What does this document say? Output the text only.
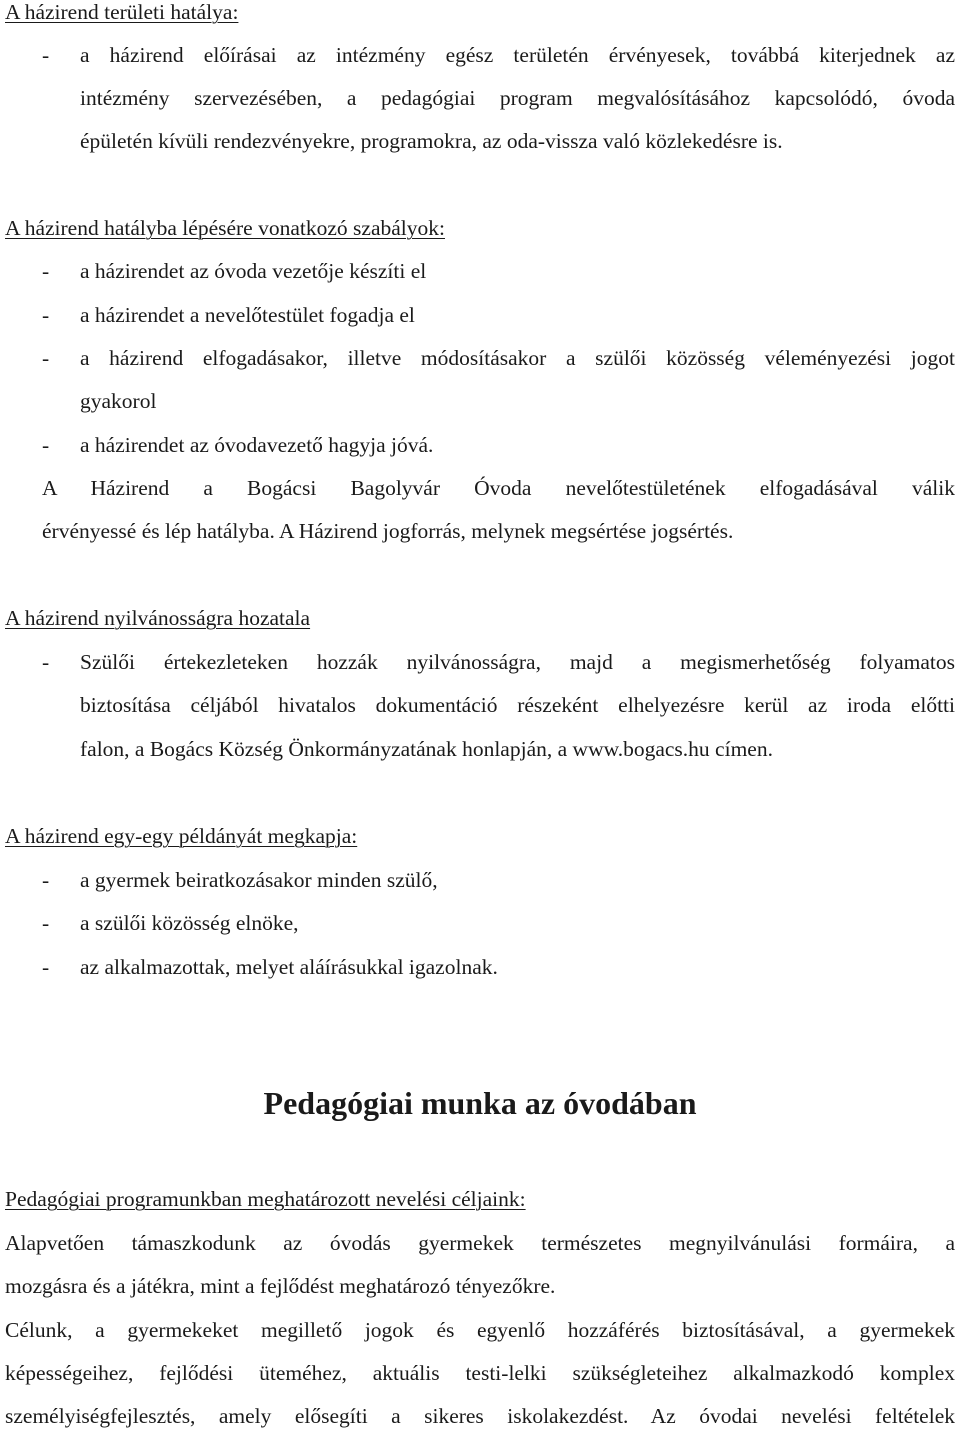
A házirend területi hatálya:
- a házirend előírásai az intézmény egész területén érvényesek, továbbá kiterjednek az
intézmény szervezésében, a pedagógiai program megvalósításához kapcsolódó, óvoda
épületén kívüli rendezvényekre, programokra, az oda-vissza való közlekedésre is.
A házirend hatályba lépésére vonatkozó szabályok:
- a házirendet az óvoda vezetője készíti el
- a házirendet a nevelőtestület fogadja el
- a házirend elfogadásakor, illetve módosításakor a szülői közösség véleményezési jogot
gyakorol
- a házirendet az óvodavezető hagyja jóvá.
A Házirend a Bogácsi Bagolyvár Óvoda nevelőtestületének elfogadásával válik
érvényessé és lép hatályba. A Házirend jogforrás, melynek megsértése jogsértés.
A házirend nyilvánosságra hozatala
- Szülői értekezleteken hozzák nyilvánosságra, majd a megismerhetőség folyamatos
biztosítása céljából hivatalos dokumentáció részeként elhelyezésre kerül az iroda előtti
falon, a Bogács Község Önkormányzatának honlapján, a www.bogacs.hu címen.
A házirend egy-egy példányát megkapja:
- a gyermek beiratkozásakor minden szülő,
- a szülői közösség elnöke,
- az alkalmazottak, melyet aláírásukkal igazolnak.
Pedagógiai munka az óvodában
Pedagógiai programunkban meghatározott nevelési céljaink:
Alapvetően támaszkodunk az óvodás gyermekek természetes megnyilvánulási formáira, a
mozgásra és a játékra, mint a fejlődést meghatározó tényezőkre.
Célunk, a gyermekeket megillető jogok és egyenlő hozzáférés biztosításával, a gyermekek
képességeihez, fejlődési üteméhez, aktuális testi-lelki szükségleteihez alkalmazkodó komplex
személyiségfejlesztés, amely elősegíti a sikeres iskolakezdést. Az óvodai nevelési feltételek
